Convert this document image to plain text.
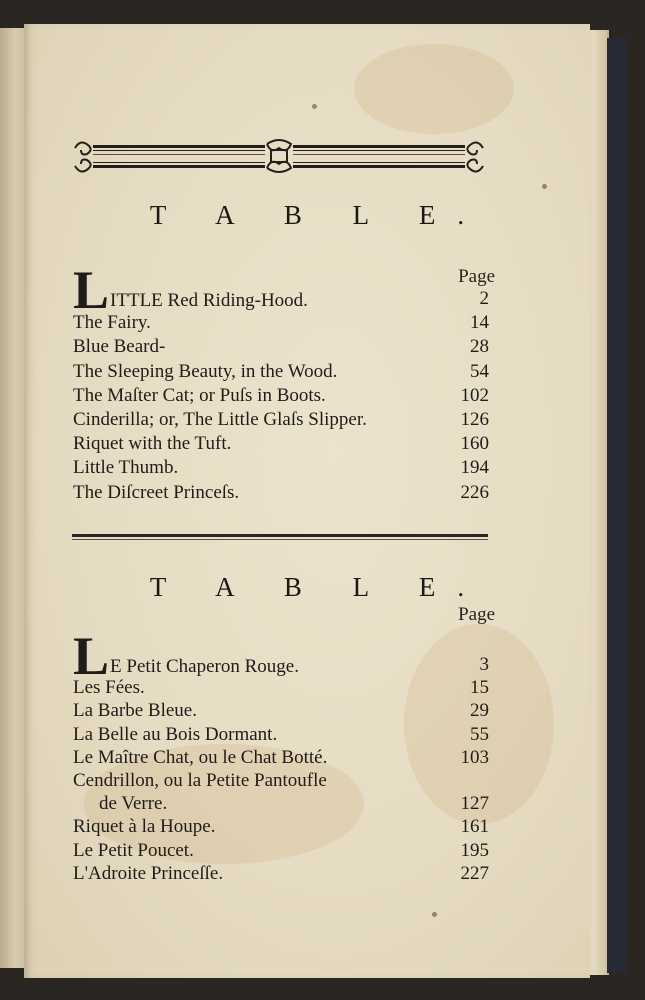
T A B L E.
Page
LITTLE Red Riding-Hood.	2
The Fairy.	14
Blue Beard-	28
The Sleeping Beauty, in the Wood.	54
The Maſter Cat; or Puſs in Boots.	102
Cinderilla; or, The Little Glaſs Slipper.	126
Riquet with the Tuft.	160
Little Thumb.	194
The Diſcreet Princeſs.	226
T A B L E.
Page
LE Petit Chaperon Rouge.	3
Les Fées.	15
La Barbe Bleue.	29
La Belle au Bois Dormant.	55
Le Maître Chat, ou le Chat Botté.	103
Cendrillon, ou la Petite Pantoufle
de Verre.	127
Riquet à la Houpe.	161
Le Petit Poucet.	195
L'Adroite Princeſſe.	227
